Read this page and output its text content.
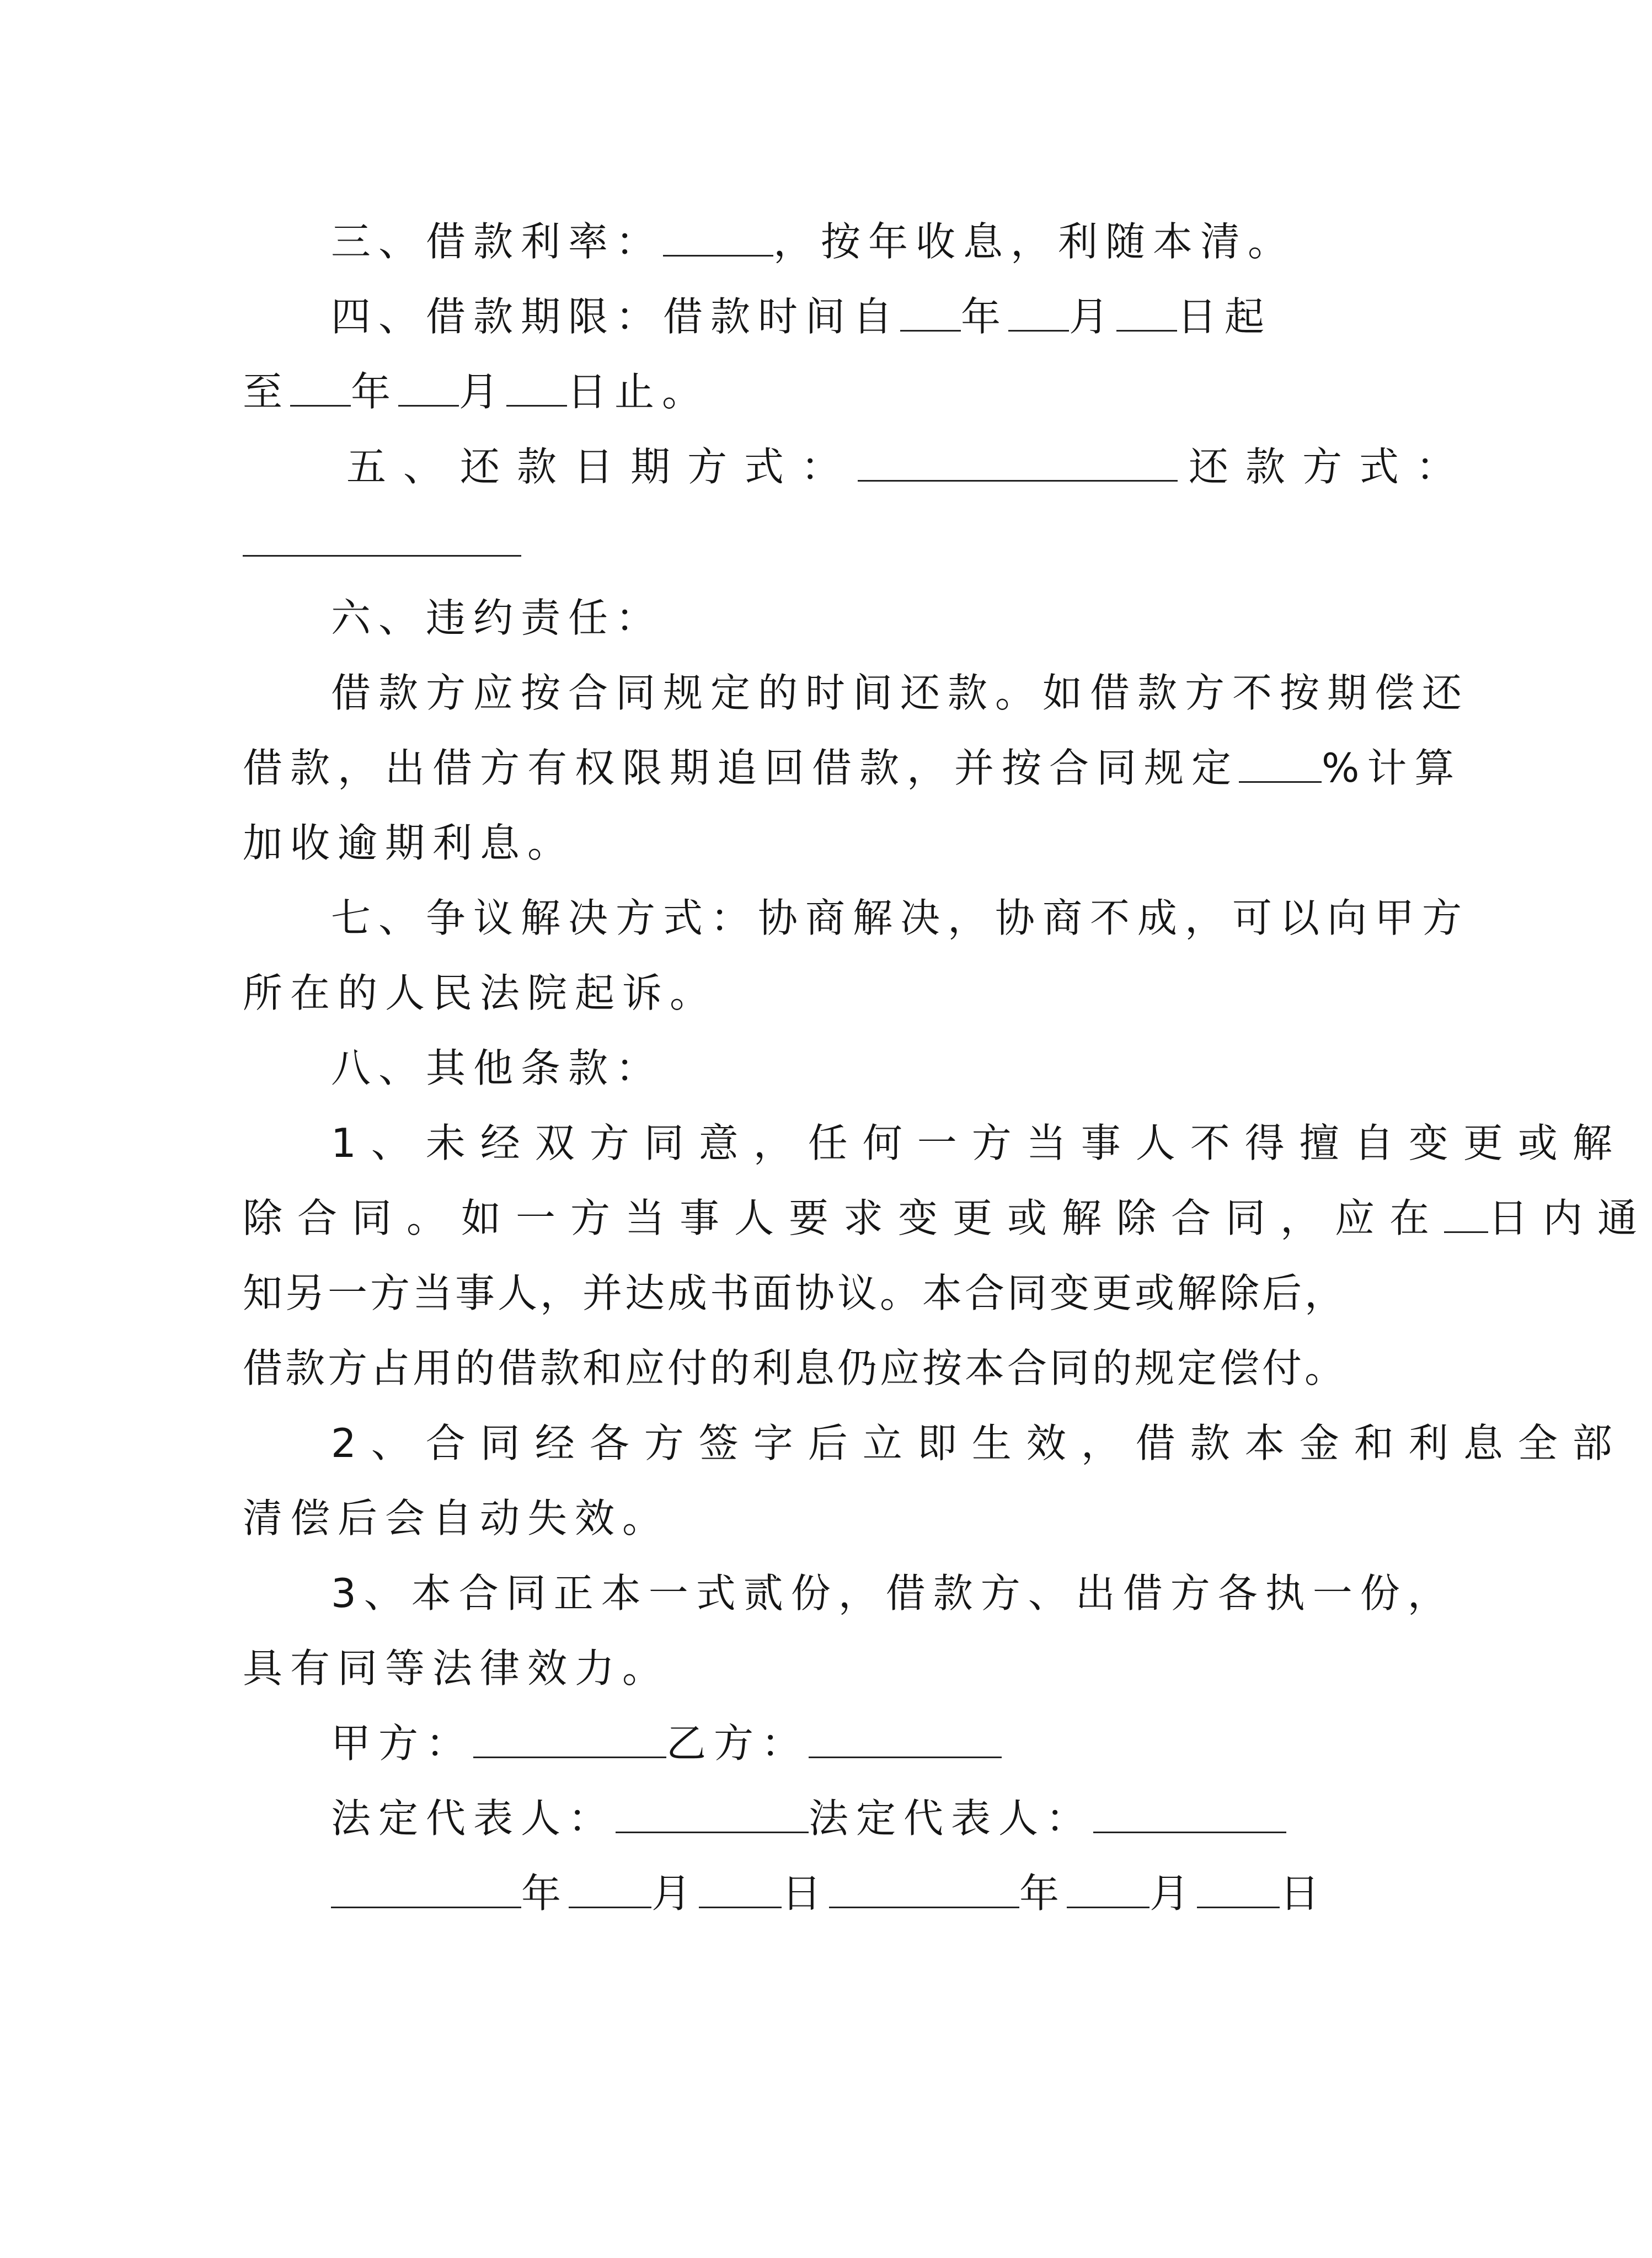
三、借款利率：	，按年收息，利随本清。
四、借款期限：借款时间自 年 月 日起
至 年 月 日止。
五、还款日期方式：	还款方式：
六、违约责任：
借款方应按合同规定的时间还款。如借款方不按期偿还
借款，出借方有权限期追回借款，并按合同规定 %计算
加收逾期利息。
七、争议解决方式：协商解决，协商不成，可以向甲方
所在的人民法院起诉。
八、其他条款：
1、未经双方同意，任何一方当事人不得擅自变更或解
除合同。如一方当事人要求变更或解除合同，应在 日内通
知另一方当事人，并达成书面协议。本合同变更或解除后，
借款方占用的借款和应付的利息仍应按本合同的规定偿付。
2、合同经各方签字后立即生效，借款本金和利息全部
清偿后会自动失效。
3、本合同正本一式贰份，借款方、出借方各执一份，
具有同等法律效力。
甲方：	乙方：
法定代表人：	法定代表人：
年 月 日	年 月 日
